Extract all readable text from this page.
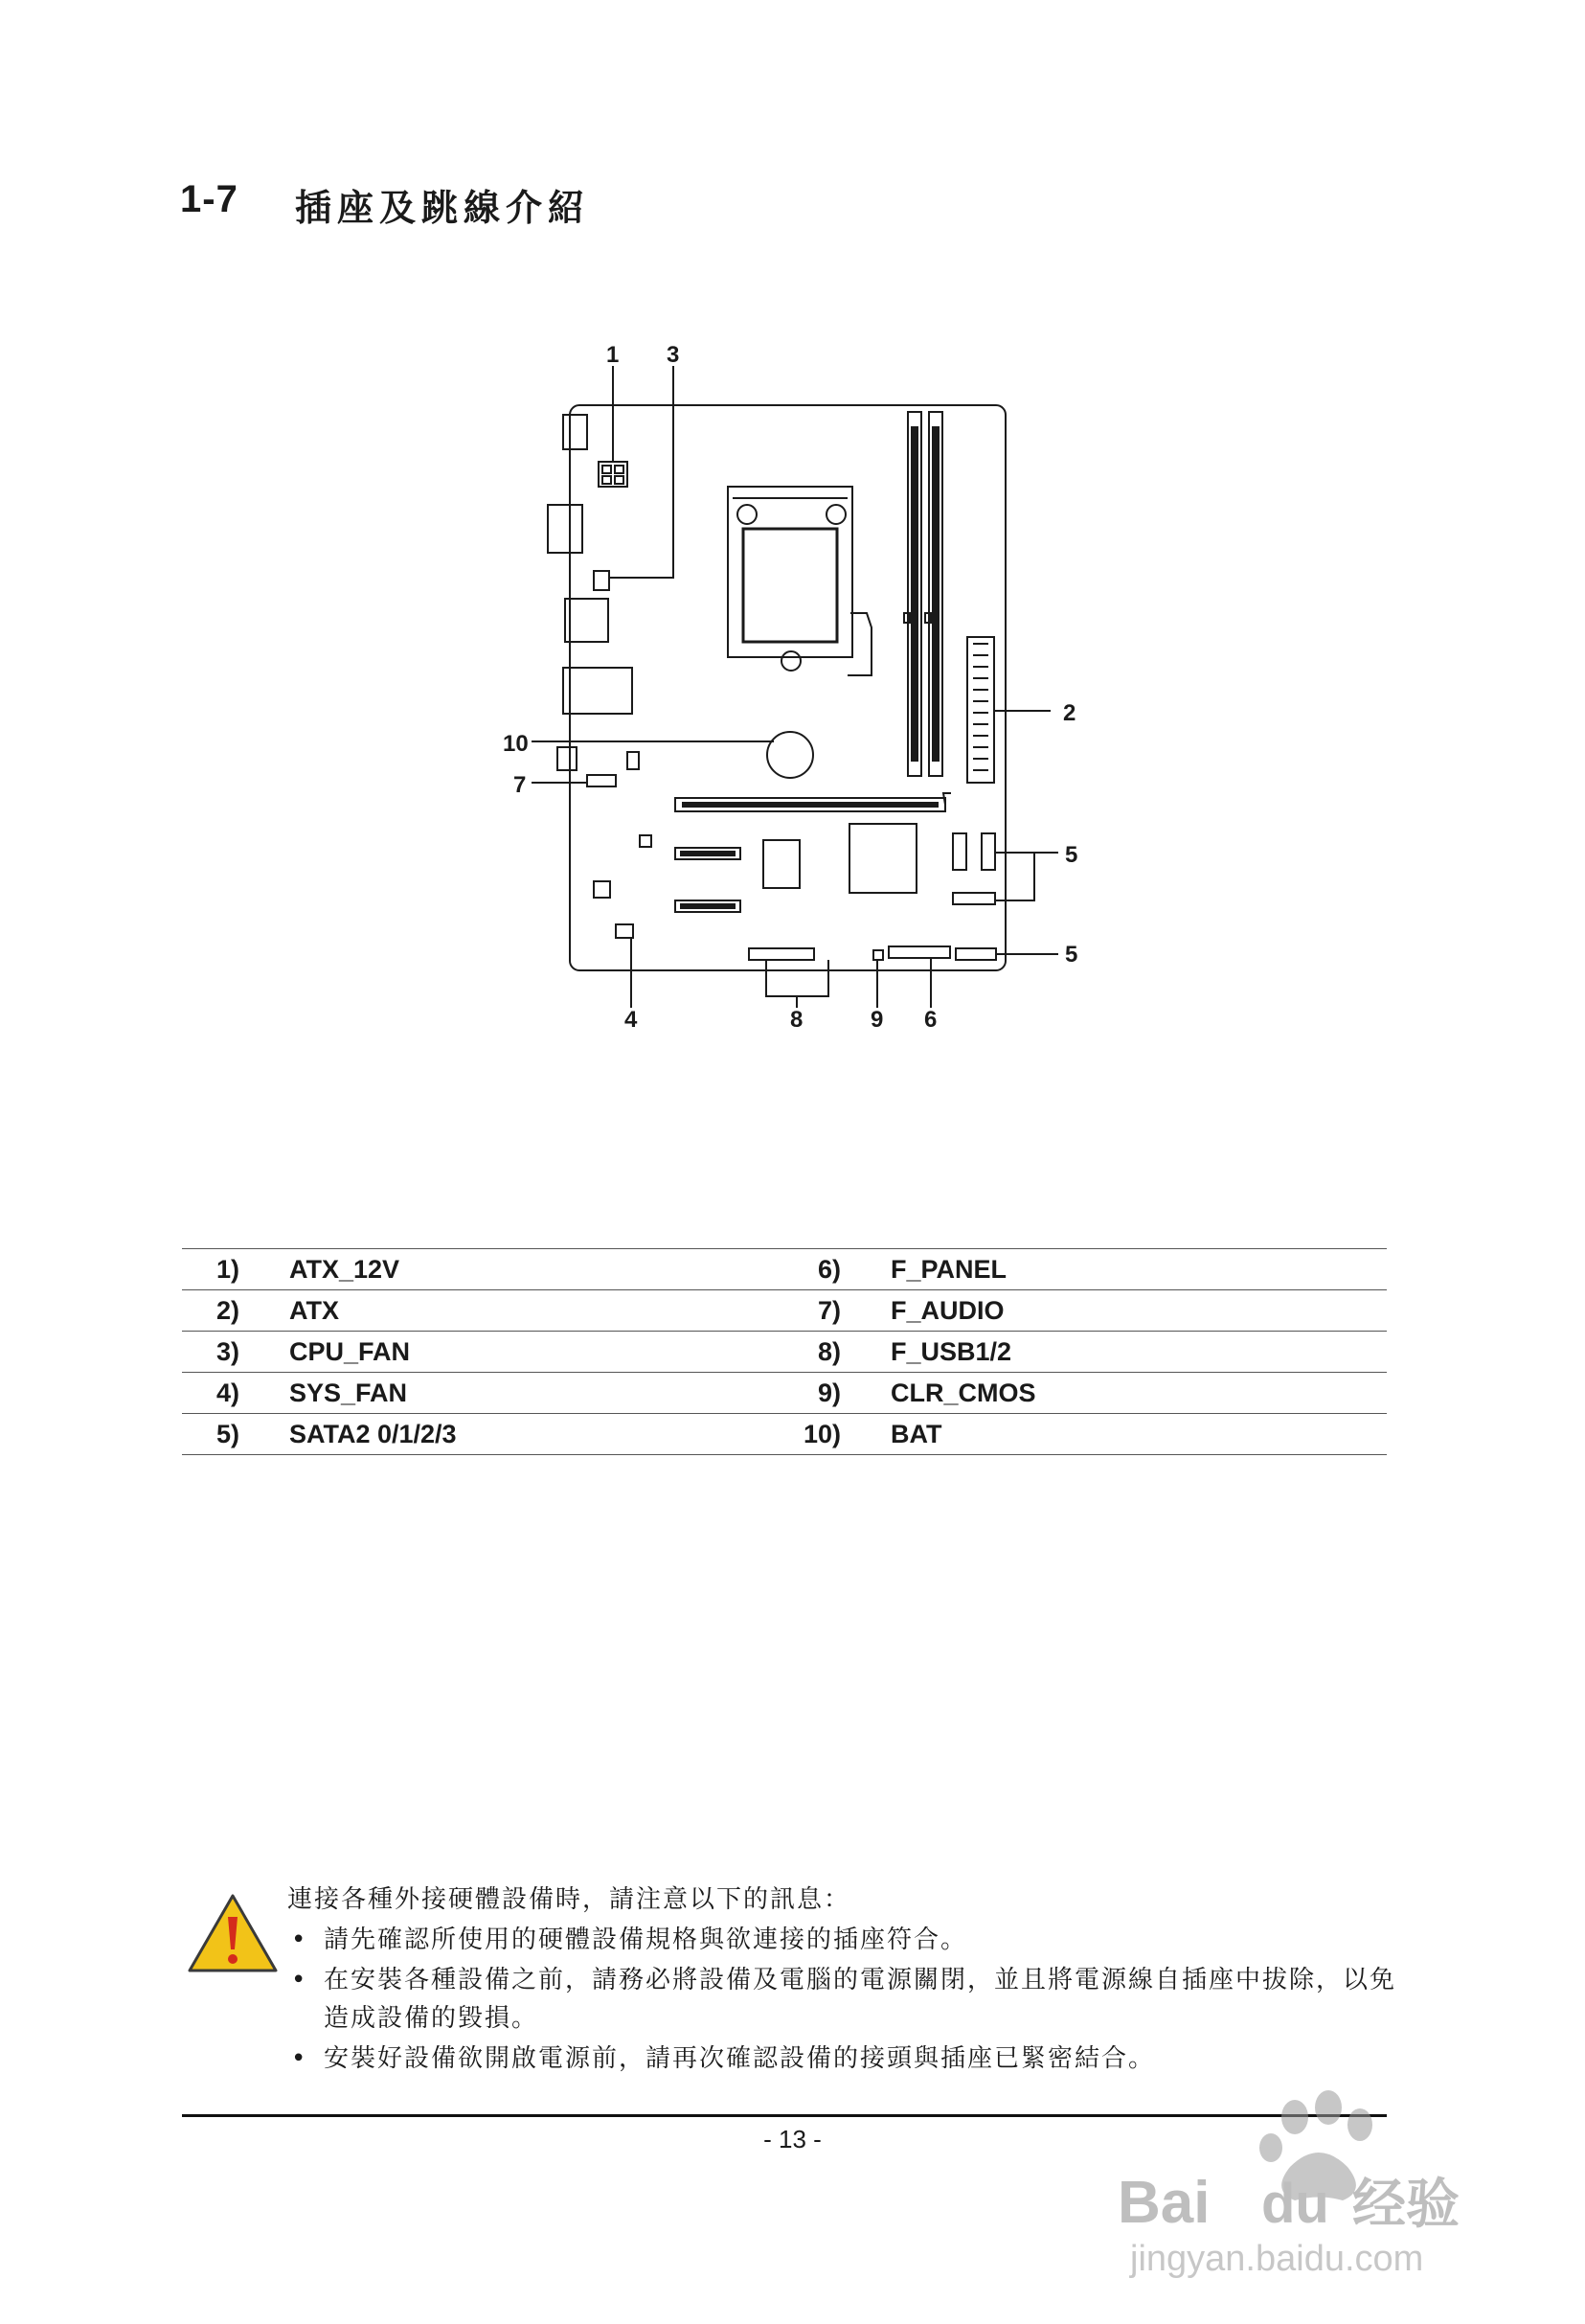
1-7 插座及跳線介紹
1 3
2
10
7
5
5
4	8	9 6
1)	ATX_12V	6)	F_PANEL
2)	ATX	7)	F_AUDIO
3)	CPU_FAN	8)	F_USB1/2
4)	SYS_FAN	9)	CLR_CMOS
5)	SATA2 0/1/2/3	10)	BAT

連接各種外接硬體設備時，請注意以下的訊息：

• 請先確認所使用的硬體設備規格與欲連接的插座符合。
• 在安裝各種設備之前，請務必將設備及電腦的電源關閉，並且將電源線自插座中拔除，以免造成設備的毀損。
• 安裝好設備欲開啟電源前，請再次確認設備的接頭與插座已緊密結合。
- 13 -
Bai du 经验
jingyan.baidu.com
